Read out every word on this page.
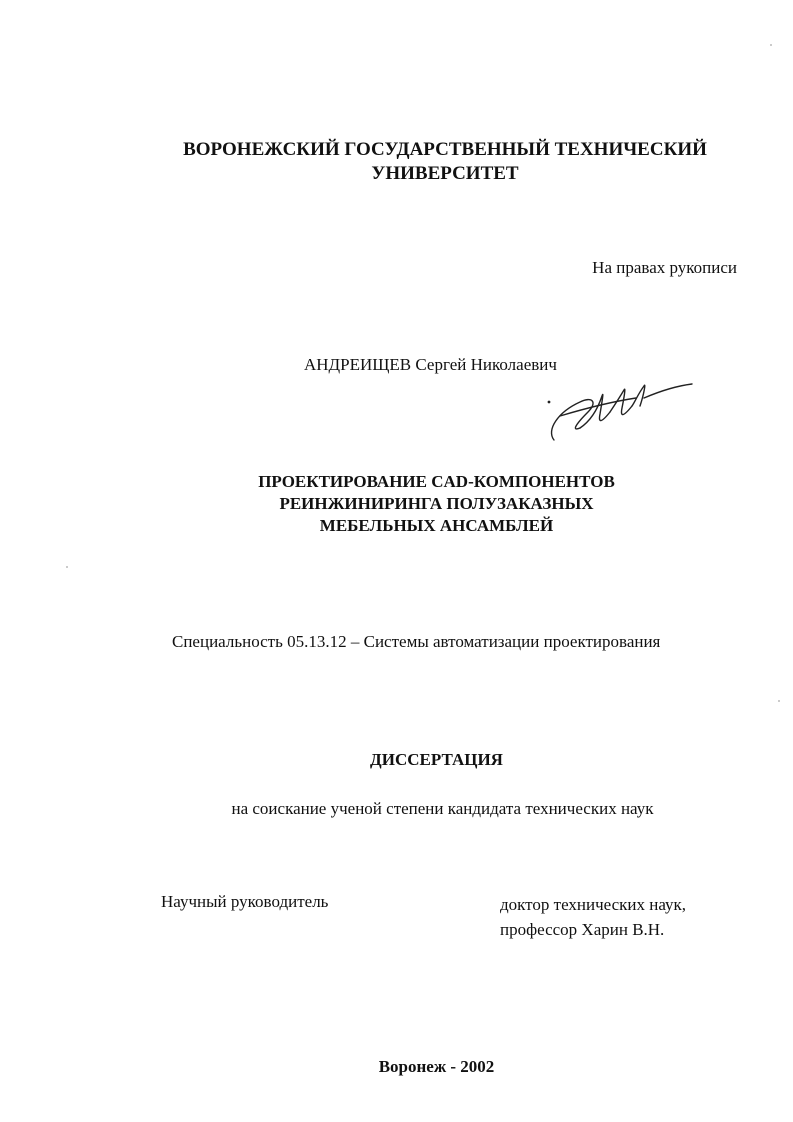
ВОРОНЕЖСКИЙ ГОСУДАРСТВЕННЫЙ ТЕХНИЧЕСКИЙ
УНИВЕРСИТЕТ
На правах рукописи
АНДРЕИЩЕВ Сергей Николаевич
ПРОЕКТИРОВАНИЕ CAD-КОМПОНЕНТОВ
РЕИНЖИНИРИНГА ПОЛУЗАКАЗНЫХ
МЕБЕЛЬНЫХ АНСАМБЛЕЙ
Специальность 05.13.12 – Системы автоматизации проектирования
ДИССЕРТАЦИЯ
на соискание ученой степени кандидата технических наук
Научный руководитель	доктор технических наук,
профессор Харин В.Н.
Воронеж - 2002
